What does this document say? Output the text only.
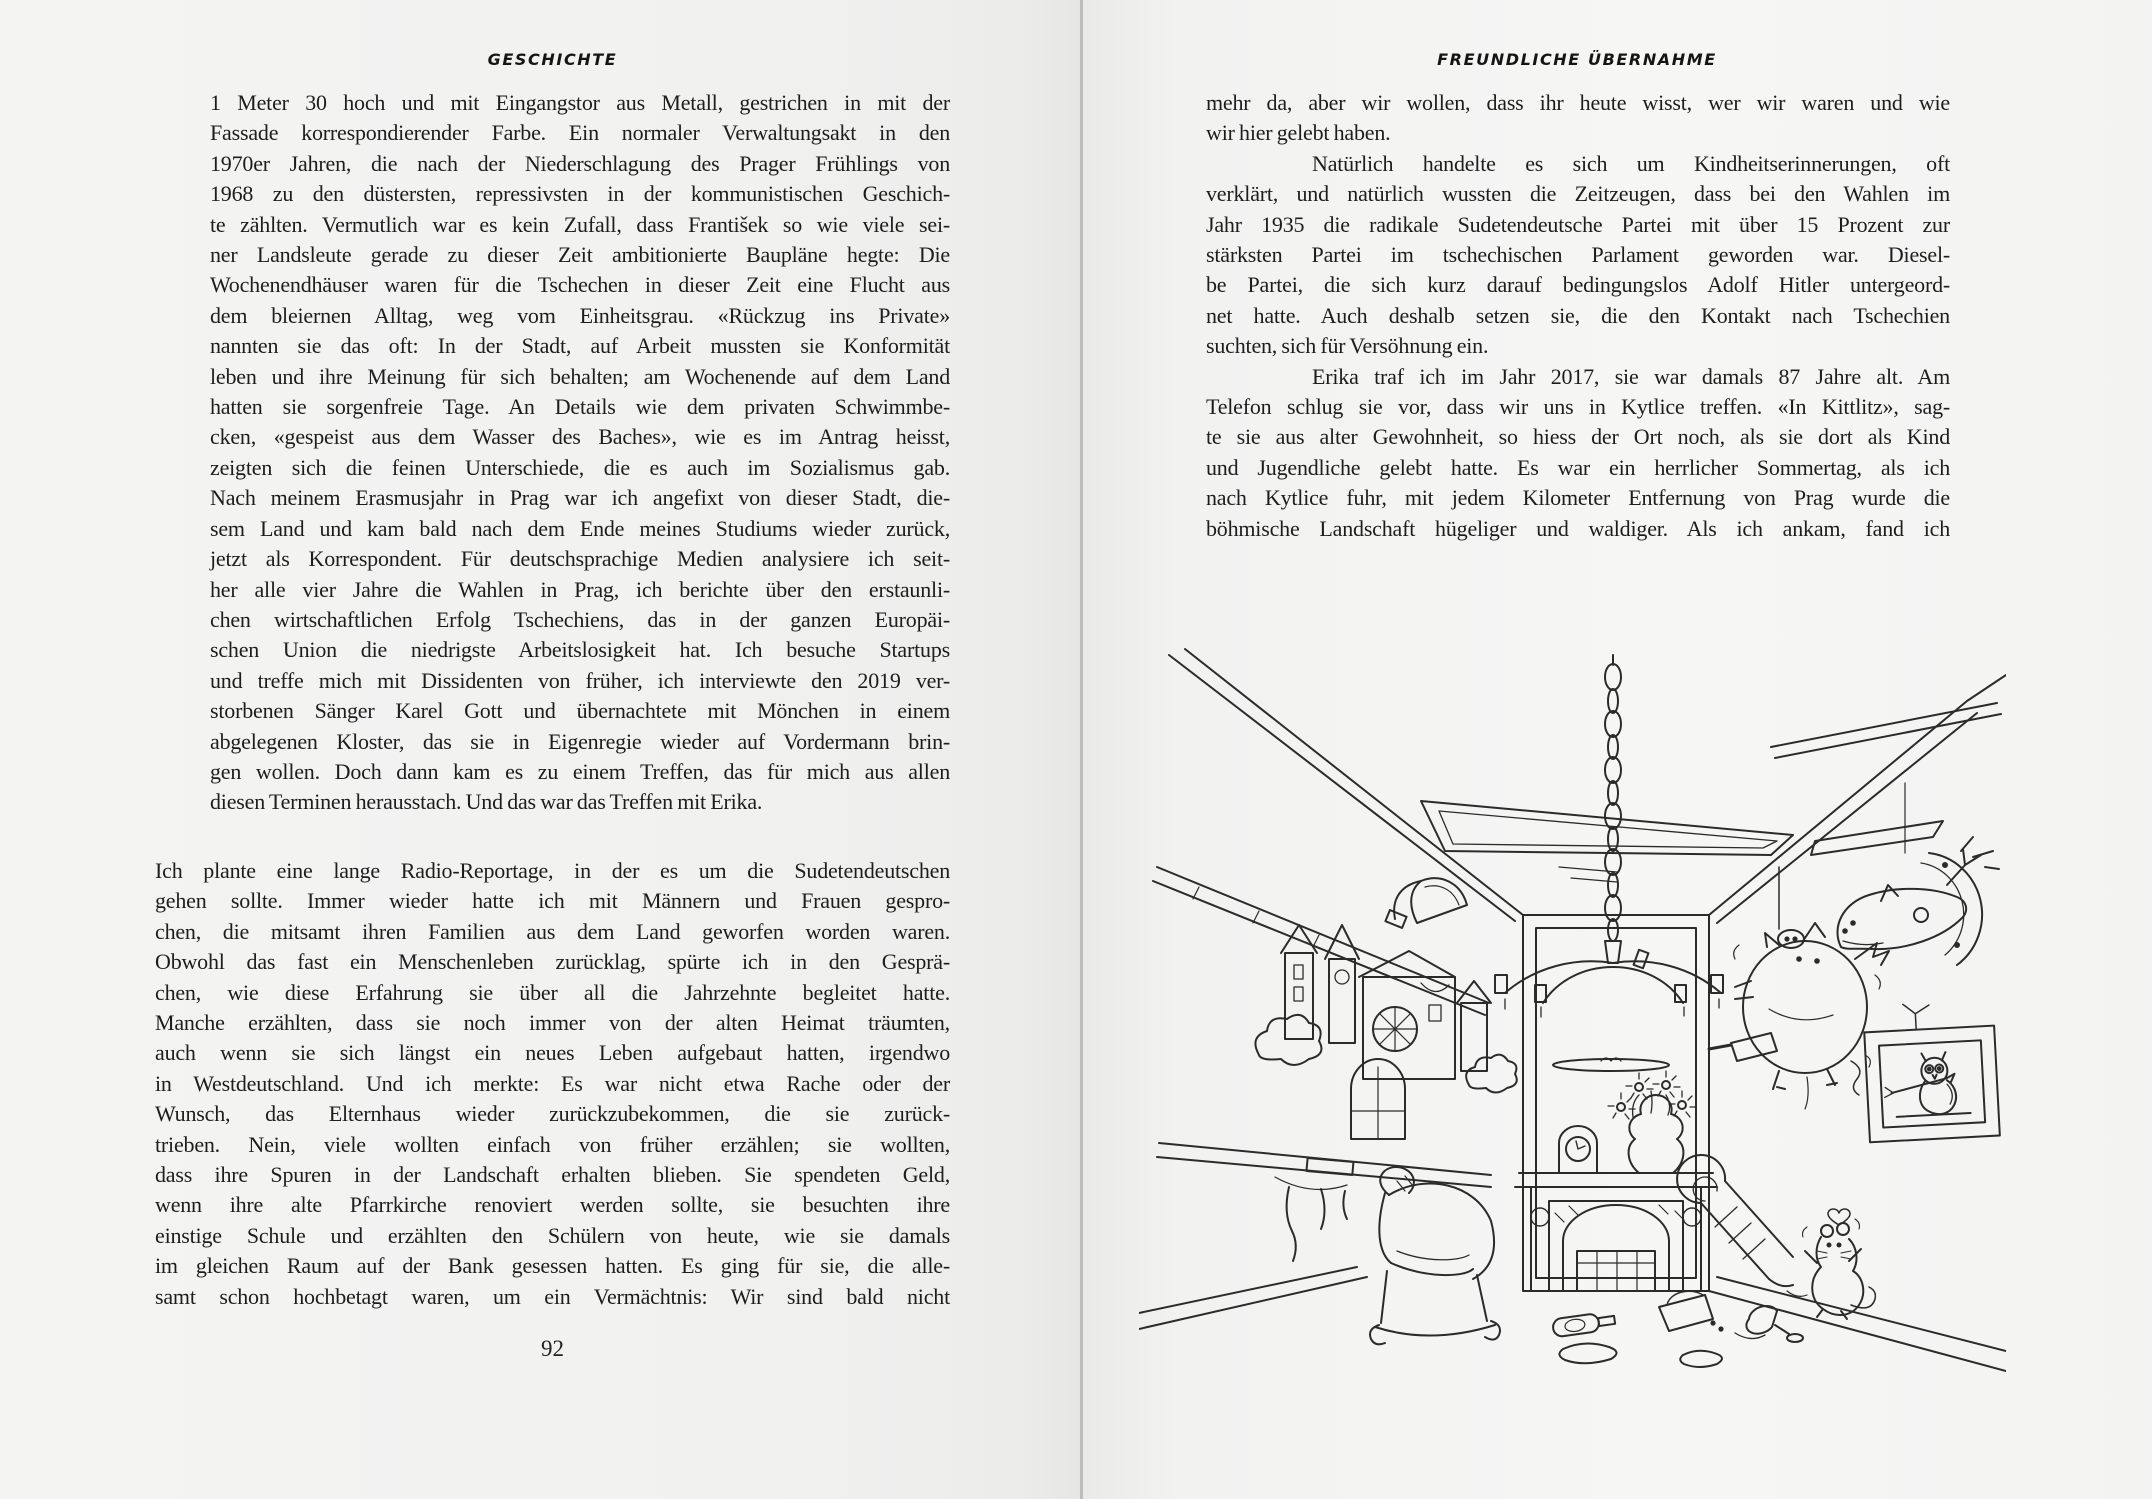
GESCHICHTE
1 Meter 30 hoch und mit Eingangstor aus Metall, gestrichen in mit der
Fassade korrespondierender Farbe. Ein normaler Verwaltungsakt in den
1970er Jahren, die nach der Niederschlagung des Prager Frühlings von
1968 zu den düstersten, repressivsten in der kommunistischen Geschich-
te zählten. Vermutlich war es kein Zufall, dass František so wie viele sei-
ner Landsleute gerade zu dieser Zeit ambitionierte Baupläne hegte: Die
Wochenendhäuser waren für die Tschechen in dieser Zeit eine Flucht aus
dem bleiernen Alltag, weg vom Einheitsgrau. «Rückzug ins Private»
nannten sie das oft: In der Stadt, auf Arbeit mussten sie Konformität
leben und ihre Meinung für sich behalten; am Wochenende auf dem Land
hatten sie sorgenfreie Tage. An Details wie dem privaten Schwimmbe-
cken, «gespeist aus dem Wasser des Baches», wie es im Antrag heisst,
zeigten sich die feinen Unterschiede, die es auch im Sozialismus gab.
Nach meinem Erasmusjahr in Prag war ich angefixt von dieser Stadt, die-
sem Land und kam bald nach dem Ende meines Studiums wieder zurück,
jetzt als Korrespondent. Für deutschsprachige Medien analysiere ich seit-
her alle vier Jahre die Wahlen in Prag, ich berichte über den erstaunli-
chen wirtschaftlichen Erfolg Tschechiens, das in der ganzen Europäi-
schen Union die niedrigste Arbeitslosigkeit hat. Ich besuche Startups
und treffe mich mit Dissidenten von früher, ich interviewte den 2019 ver-
storbenen Sänger Karel Gott und übernachtete mit Mönchen in einem
abgelegenen Kloster, das sie in Eigenregie wieder auf Vordermann brin-
gen wollen. Doch dann kam es zu einem Treffen, das für mich aus allen
diesen Terminen herausstach. Und das war das Treffen mit Erika.
Ich plante eine lange Radio-Reportage, in der es um die Sudetendeutschen
gehen sollte. Immer wieder hatte ich mit Männern und Frauen gespro-
chen, die mitsamt ihren Familien aus dem Land geworfen worden waren.
Obwohl das fast ein Menschenleben zurücklag, spürte ich in den Gesprä-
chen, wie diese Erfahrung sie über all die Jahrzehnte begleitet hatte.
Manche erzählten, dass sie noch immer von der alten Heimat träumten,
auch wenn sie sich längst ein neues Leben aufgebaut hatten, irgendwo
in Westdeutschland. Und ich merkte: Es war nicht etwa Rache oder der
Wunsch, das Elternhaus wieder zurückzubekommen, die sie zurück-
trieben. Nein, viele wollten einfach von früher erzählen; sie wollten,
dass ihre Spuren in der Landschaft erhalten blieben. Sie spendeten Geld,
wenn ihre alte Pfarrkirche renoviert werden sollte, sie besuchten ihre
einstige Schule und erzählten den Schülern von heute, wie sie damals
im gleichen Raum auf der Bank gesessen hatten. Es ging für sie, die alle-
samt schon hochbetagt waren, um ein Vermächtnis: Wir sind bald nicht
92
FREUNDLICHE ÜBERNAHME
mehr da, aber wir wollen, dass ihr heute wisst, wer wir waren und wie
wir hier gelebt haben.
Natürlich handelte es sich um Kindheitserinnerungen, oft
verklärt, und natürlich wussten die Zeitzeugen, dass bei den Wahlen im
Jahr 1935 die radikale Sudetendeutsche Partei mit über 15 Prozent zur
stärksten Partei im tschechischen Parlament geworden war. Diesel-
be Partei, die sich kurz darauf bedingungslos Adolf Hitler untergeord-
net hatte. Auch deshalb setzen sie, die den Kontakt nach Tschechien
suchten, sich für Versöhnung ein.
Erika traf ich im Jahr 2017, sie war damals 87 Jahre alt. Am
Telefon schlug sie vor, dass wir uns in Kytlice treffen. «In Kittlitz», sag-
te sie aus alter Gewohnheit, so hiess der Ort noch, als sie dort als Kind
und Jugendliche gelebt hatte. Es war ein herrlicher Sommertag, als ich
nach Kytlice fuhr, mit jedem Kilometer Entfernung von Prag wurde die
böhmische Landschaft hügeliger und waldiger. Als ich ankam, fand ich
